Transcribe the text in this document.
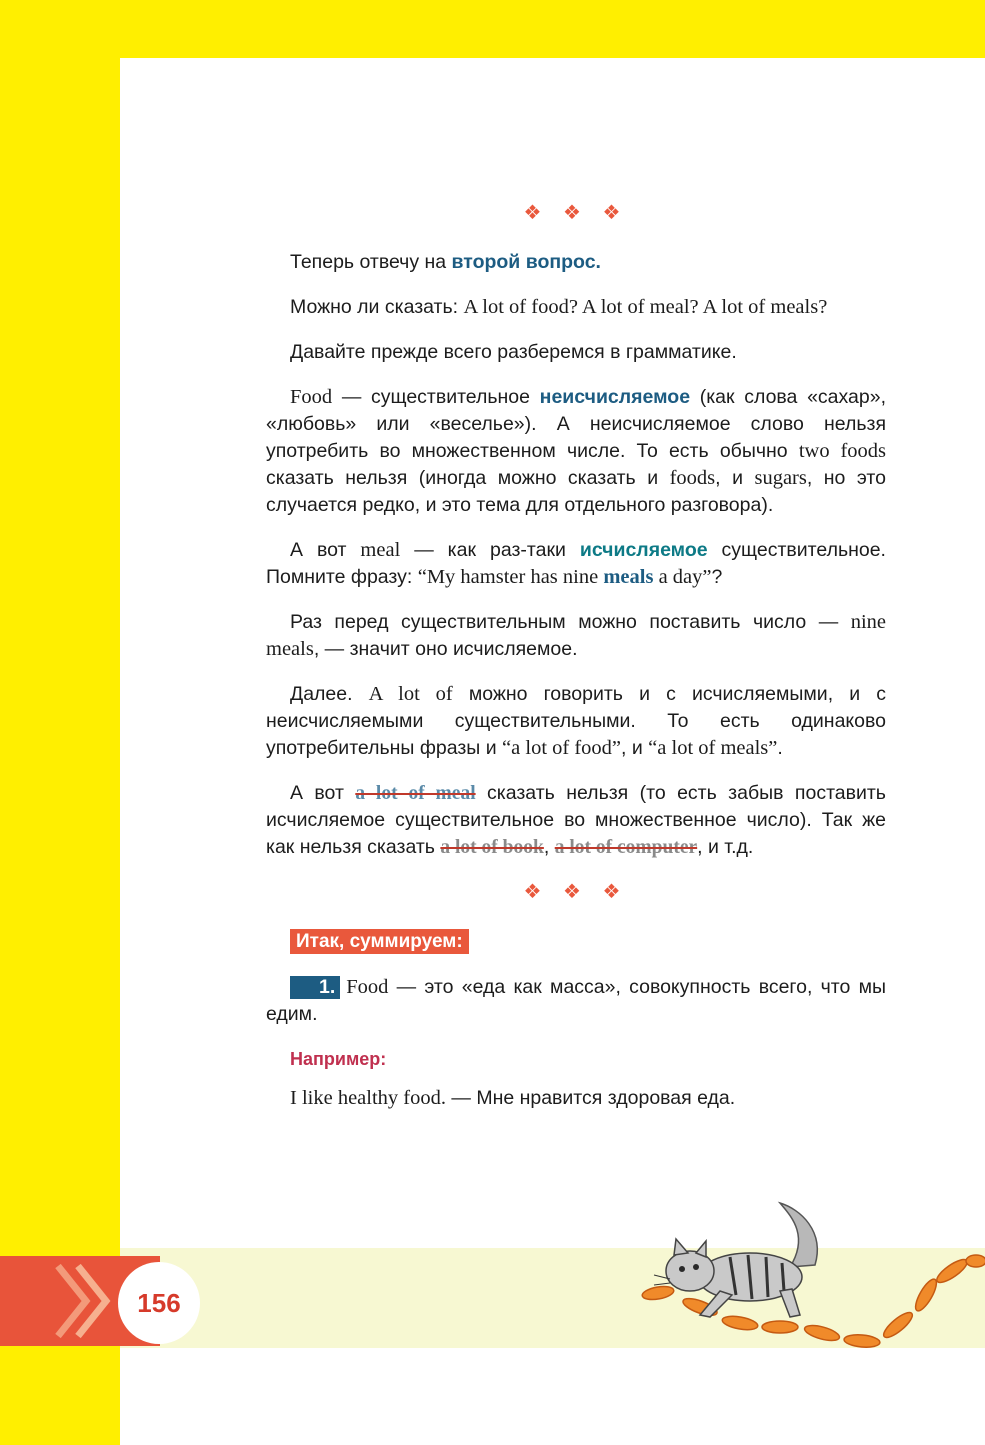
❖ ❖ ❖

Теперь отвечу на второй вопрос.

Можно ли сказать: A lot of food? A lot of meal? A lot of meals?

Давайте прежде всего разберемся в грамматике.

Food — существительное неисчисляемое (как слова «сахар», «любовь» или «веселье»). А неисчисляемое слово нельзя употребить во множественном числе. То есть обычно two foods сказать нельзя (иногда можно сказать и foods, и sugars, но это случается редко, и это тема для отдельного разговора).

А вот meal — как раз-таки исчисляемое существительное. Помните фразу: “My hamster has nine meals a day”?

Раз перед существительным можно поставить число — nine meals, — значит оно исчисляемое.

Далее. A lot of можно говорить и с исчисляемыми, и с неисчисляемыми существительными. То есть одинаково употребительны фразы и “a lot of food”, и “a lot of meals”.

А вот a lot of meal сказать нельзя (то есть забыв поставить исчисляемое существительное во множественное число). Так же как нельзя сказать a lot of book, a lot of computer, и т.д.

❖ ❖ ❖
Итак, суммируем:

1. Food — это «еда как масса», совокупность всего, что мы едим.

Например:

I like healthy food. — Мне нравится здоровая еда.

156
